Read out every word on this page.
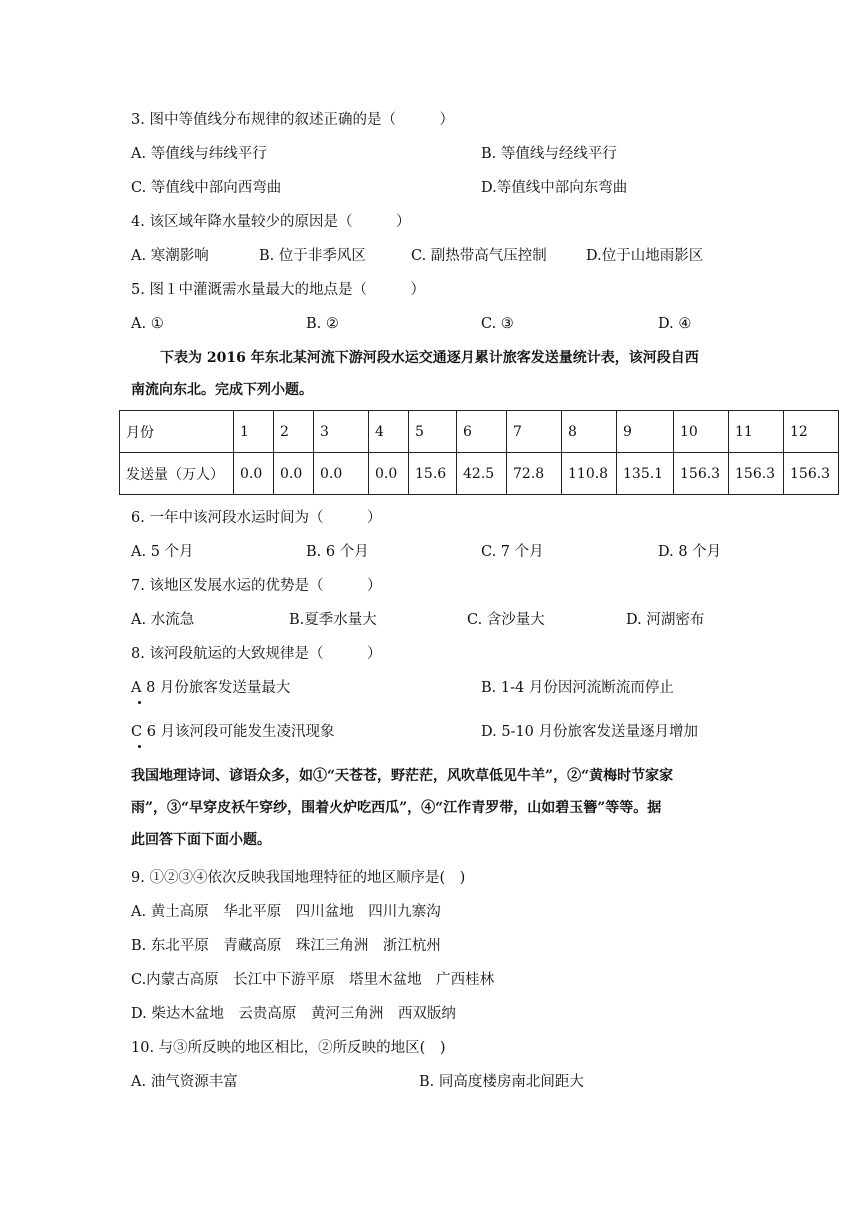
3. 图中等值线分布规律的叙述正确的是（　　　）
A. 等值线与纬线平行	B. 等值线与经线平行
C. 等值线中部向西弯曲	D.等值线中部向东弯曲
4. 该区域年降水量较少的原因是（　　　）
A. 寒潮影响	B. 位于非季风区	C. 副热带高气压控制	D.位于山地雨影区
5. 图１中灌溉需水量最大的地点是（　　　）
A. ①	B. ②	C. ③	D. ④
下表为 2016 年东北某河流下游河段水运交通逐月累计旅客发送量统计表，该河段自西
南流向东北。完成下列小题。
月份	1	2	3	4	5	6	7	8	9	10	11	12
发送量（万人）	0.0	0.0	0.0	0.0	15.6	42.5	72.8	110.8	135.1	156.3	156.3	156.3
6. 一年中该河段水运时间为（　　　）
A. 5 个月	B. 6 个月	C. 7 个月	D. 8 个月
7. 该地区发展水运的优势是（　　　）
A. 水流急	B.夏季水量大	C. 含沙量大	D. 河湖密布
8. 该河段航运的大致规律是（　　　）
A 8 月份旅客发送量最大	B. 1-4 月份因河流断流而停止
C 6 月该河段可能发生凌汛现象	D. 5-10 月份旅客发送量逐月增加
我国地理诗词、谚语众多，如①“天苍苍，野茫茫，风吹草低见牛羊”，②“黄梅时节家家
雨”，③“早穿皮袄午穿纱，围着火炉吃西瓜”，④“江作青罗带，山如碧玉簪”等等。据
此回答下面下面小题。
9. ①②③④依次反映我国地理特征的地区顺序是(　)
A. 黄土高原　华北平原　四川盆地　四川九寨沟
B. 东北平原　青藏高原　珠江三角洲　浙江杭州
C.内蒙古高原　长江中下游平原　塔里木盆地　广西桂林
D. 柴达木盆地　云贵高原　黄河三角洲　西双版纳
10. 与③所反映的地区相比，②所反映的地区(　)
A. 油气资源丰富	B. 同高度楼房南北间距大
